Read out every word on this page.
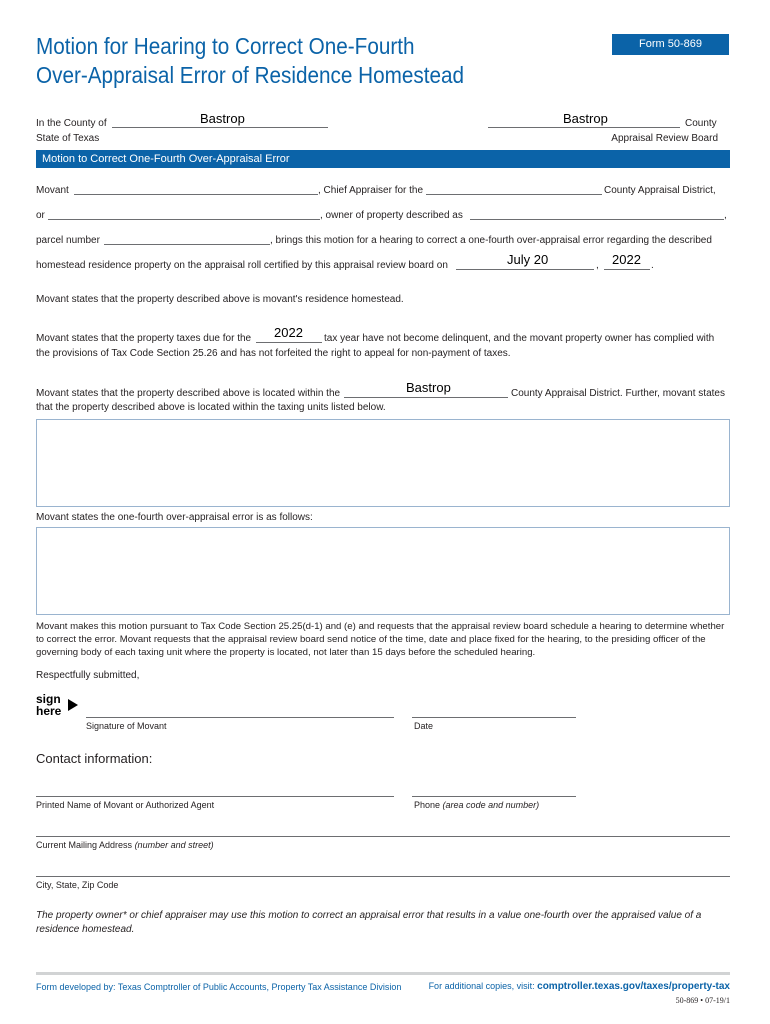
Motion for Hearing to Correct One-Fourth
Over-Appraisal Error of Residence Homestead
Form 50-869
In the County of	Bastrop
State of Texas
Bastrop	County
Appraisal Review Board
Motion to Correct One-Fourth Over-Appraisal Error
Movant	, Chief Appraiser for the	County Appraisal District,
or	, owner of property described as	,
parcel number	, brings this motion for a hearing to correct a one-fourth over-appraisal error regarding the described
homestead residence property on the appraisal roll certified by this appraisal review board on	July 20	, 2022 .
Movant states that the property described above is movant's residence homestead.
Movant states that the property taxes due for the 2022 tax year have not become delinquent, and the movant property owner has complied with
the provisions of Tax Code Section 25.26 and has not forfeited the right to appeal for non-payment of taxes.
Movant states that the property described above is located within the	Bastrop	County Appraisal District. Further, movant states
that the property described above is located within the taxing units listed below.
Movant states the one-fourth over-appraisal error is as follows:
Movant makes this motion pursuant to Tax Code Section 25.25(d-1) and (e) and requests that the appraisal review board schedule a hearing to determine whether to correct the error. Movant requests that the appraisal review board send notice of the time, date and place fixed for the hearing, to the presiding officer of the governing body of each taxing unit where the property is located, not later than 15 days before the scheduled hearing.
Respectfully submitted,
sign
here
Signature of Movant	Date
Contact information:
Printed Name of Movant or Authorized Agent	Phone (area code and number)
Current Mailing Address (number and street)
City, State, Zip Code
The property owner* or chief appraiser may use this motion to correct an appraisal error that results in a value one-fourth over the appraised value of a residence homestead.
Form developed by: Texas Comptroller of Public Accounts, Property Tax Assistance Division	For additional copies, visit: comptroller.texas.gov/taxes/property-tax
50-869 • 07-19/1
